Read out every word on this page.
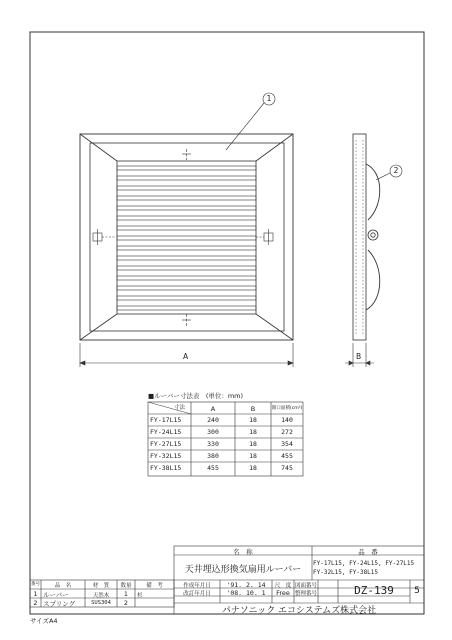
1
2
A	B
■ルーバー寸法表　(単位：mm)
寸法	A	B	開口面積(cm²)
FY-17L15	240	18	140
FY-24L15	300	18	272
FY-27L15	330	18	354
FY-32L15	380	18	455
FY-38L15	455	18	745
名　称
天井埋込形換気扇用ルーバー
品　番
FY-17L15, FY-24L15, FY-27L15
FY-32L15, FY-38L15
作成年月日	'91. 2. 14
改訂年月日	'08. 10. 1
尺　度
Free
図面番号
整理番号	DZ-139	5
パナソニック エコシステムズ株式会社
番号	品　名	材　質	数量	備　考
1 ルーバー	天然木	1	杉
2 スプリング	SUS304	2
サイズA4
